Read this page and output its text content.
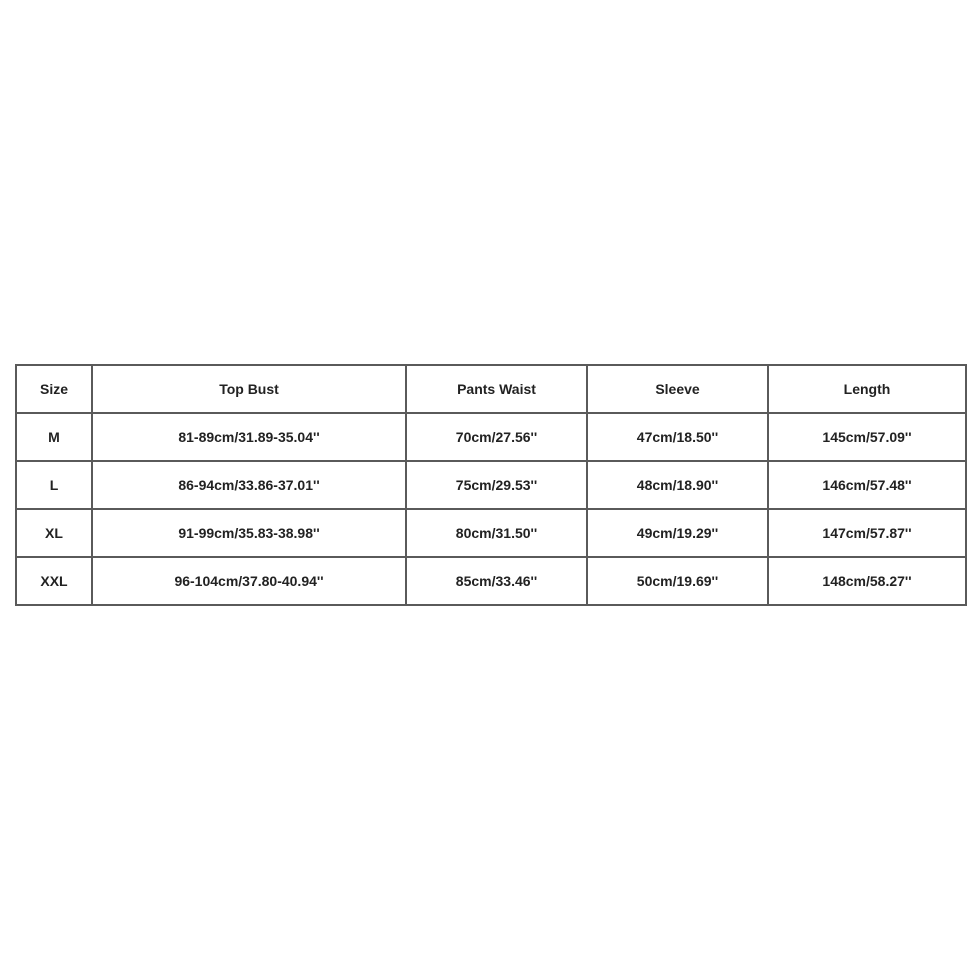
Size	Top Bust	Pants Waist	Sleeve	Length
M	81-89cm/31.89-35.04''	70cm/27.56''	47cm/18.50''	145cm/57.09''
L	86-94cm/33.86-37.01''	75cm/29.53''	48cm/18.90''	146cm/57.48''
XL	91-99cm/35.83-38.98''	80cm/31.50''	49cm/19.29''	147cm/57.87''
XXL	96-104cm/37.80-40.94''	85cm/33.46''	50cm/19.69''	148cm/58.27''
